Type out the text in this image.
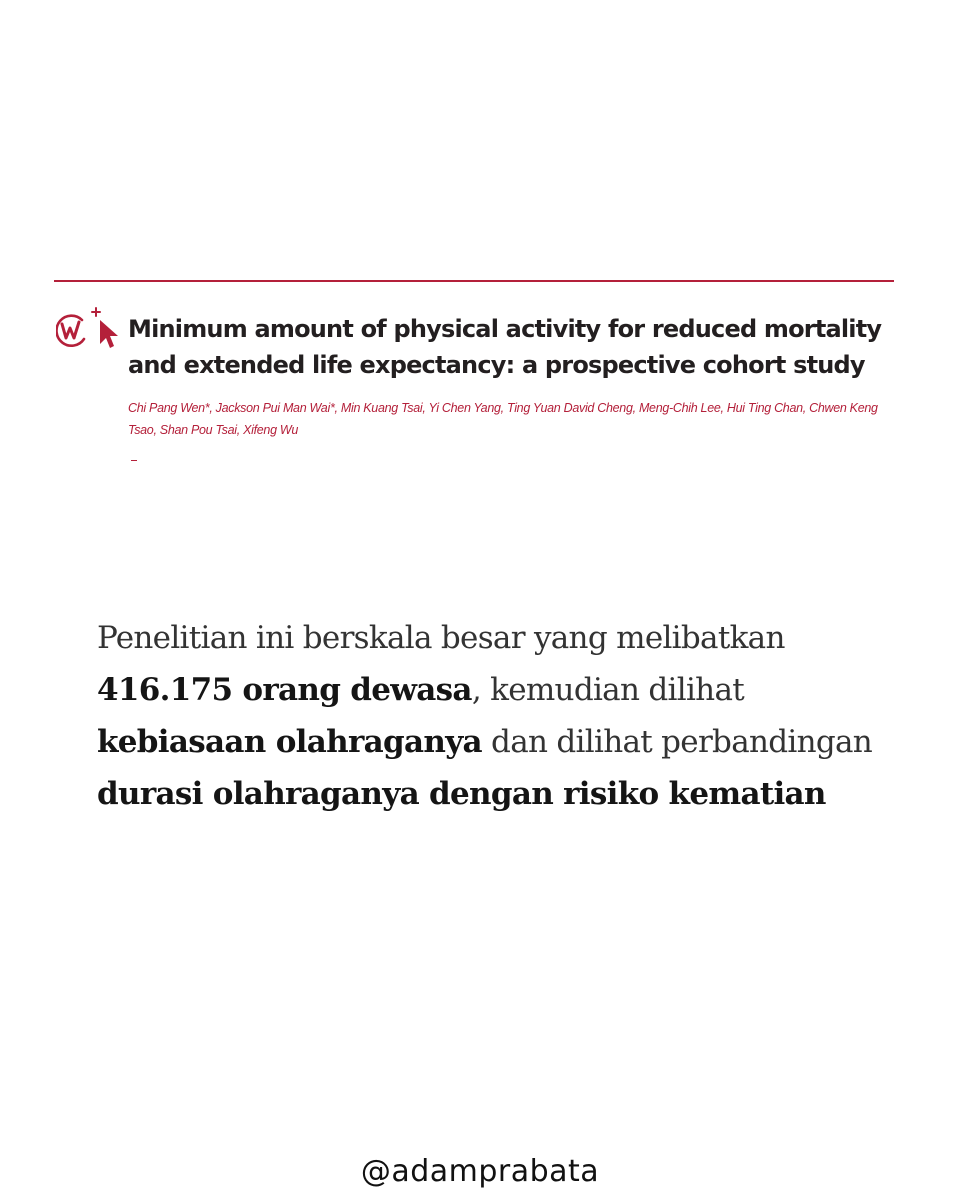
Minimum amount of physical activity for reduced mortality and extended life expectancy: a prospective cohort study

Chi Pang Wen*, Jackson Pui Man Wai*, Min Kuang Tsai, Yi Chen Yang, Ting Yuan David Cheng, Meng-Chih Lee, Hui Ting Chan, Chwen Keng Tsao, Shan Pou Tsai, Xifeng Wu

Penelitian ini berskala besar yang melibatkan 416.175 orang dewasa, kemudian dilihat kebiasaan olahraganya dan dilihat perbandingan durasi olahraganya dengan risiko kematian

@adamprabata
